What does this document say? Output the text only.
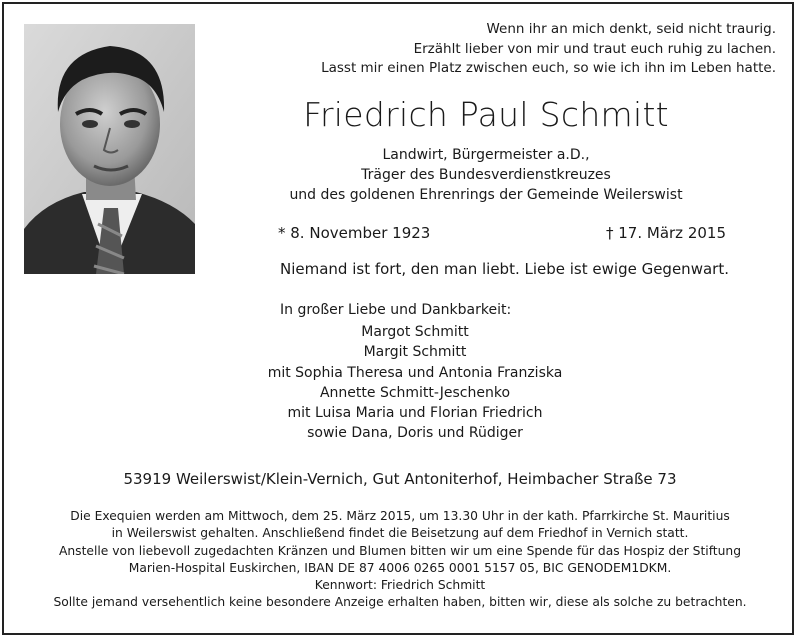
Wenn ihr an mich denkt, seid nicht traurig.
Erzählt lieber von mir und traut euch ruhig zu lachen.
Lasst mir einen Platz zwischen euch, so wie ich ihn im Leben hatte.
Friedrich Paul Schmitt
Landwirt, Bürgermeister a.D.,
Träger des Bundesverdienstkreuzes
und des goldenen Ehrenrings der Gemeinde Weilerswist
* 8. November 1923	† 17. März 2015
Niemand ist fort, den man liebt. Liebe ist ewige Gegenwart.
In großer Liebe und Dankbarkeit:
Margot Schmitt
Margit Schmitt
mit Sophia Theresa und Antonia Franziska
Annette Schmitt-Jeschenko
mit Luisa Maria und Florian Friedrich
sowie Dana, Doris und Rüdiger
53919 Weilerswist/Klein-Vernich, Gut Antoniterhof, Heimbacher Straße 73
Die Exequien werden am Mittwoch, dem 25. März 2015, um 13.30 Uhr in der kath. Pfarrkirche St. Mauritius
in Weilerswist gehalten. Anschließend findet die Beisetzung auf dem Friedhof in Vernich statt.
Anstelle von liebevoll zugedachten Kränzen und Blumen bitten wir um eine Spende für das Hospiz der Stiftung
Marien-Hospital Euskirchen, IBAN DE 87 4006 0265 0001 5157 05, BIC GENODEM1DKM.
Kennwort: Friedrich Schmitt
Sollte jemand versehentlich keine besondere Anzeige erhalten haben, bitten wir, diese als solche zu betrachten.
